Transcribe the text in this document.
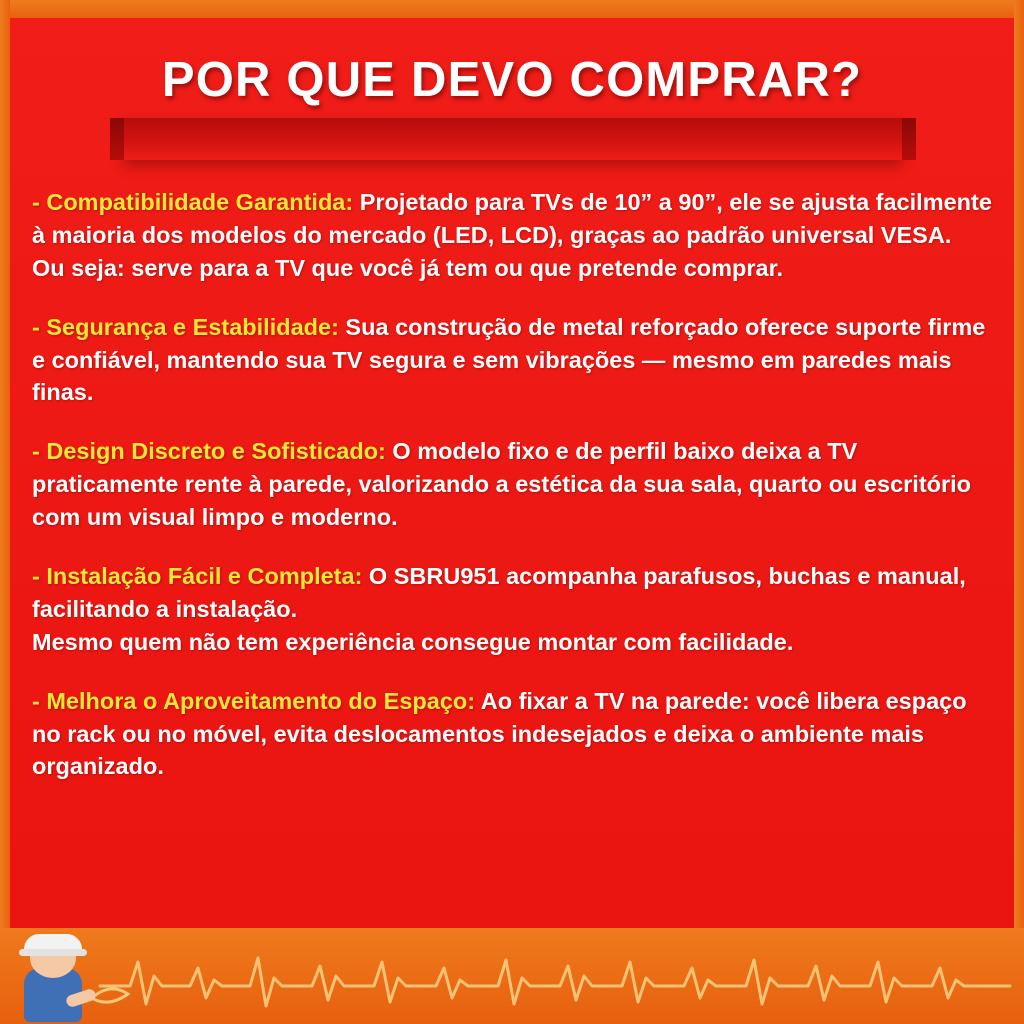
POR QUE DEVO COMPRAR?

- Compatibilidade Garantida: Projetado para TVs de 10” a 90”, ele se ajusta facilmente à maioria dos modelos do mercado (LED, LCD), graças ao padrão universal VESA.

Ou seja: serve para a TV que você já tem ou que pretende comprar.

- Segurança e Estabilidade: Sua construção de metal reforçado oferece suporte firme e confiável, mantendo sua TV segura e sem vibrações — mesmo em paredes mais finas.

- Design Discreto e Sofisticado: O modelo fixo e de perfil baixo deixa a TV praticamente rente à parede, valorizando a estética da sua sala, quarto ou escritório com um visual limpo e moderno.

- Instalação Fácil e Completa: O SBRU951 acompanha parafusos, buchas e manual, facilitando a instalação.

Mesmo quem não tem experiência consegue montar com facilidade.

- Melhora o Aproveitamento do Espaço: Ao fixar a TV na parede: você libera espaço no rack ou no móvel, evita deslocamentos indesejados e deixa o ambiente mais organizado.
